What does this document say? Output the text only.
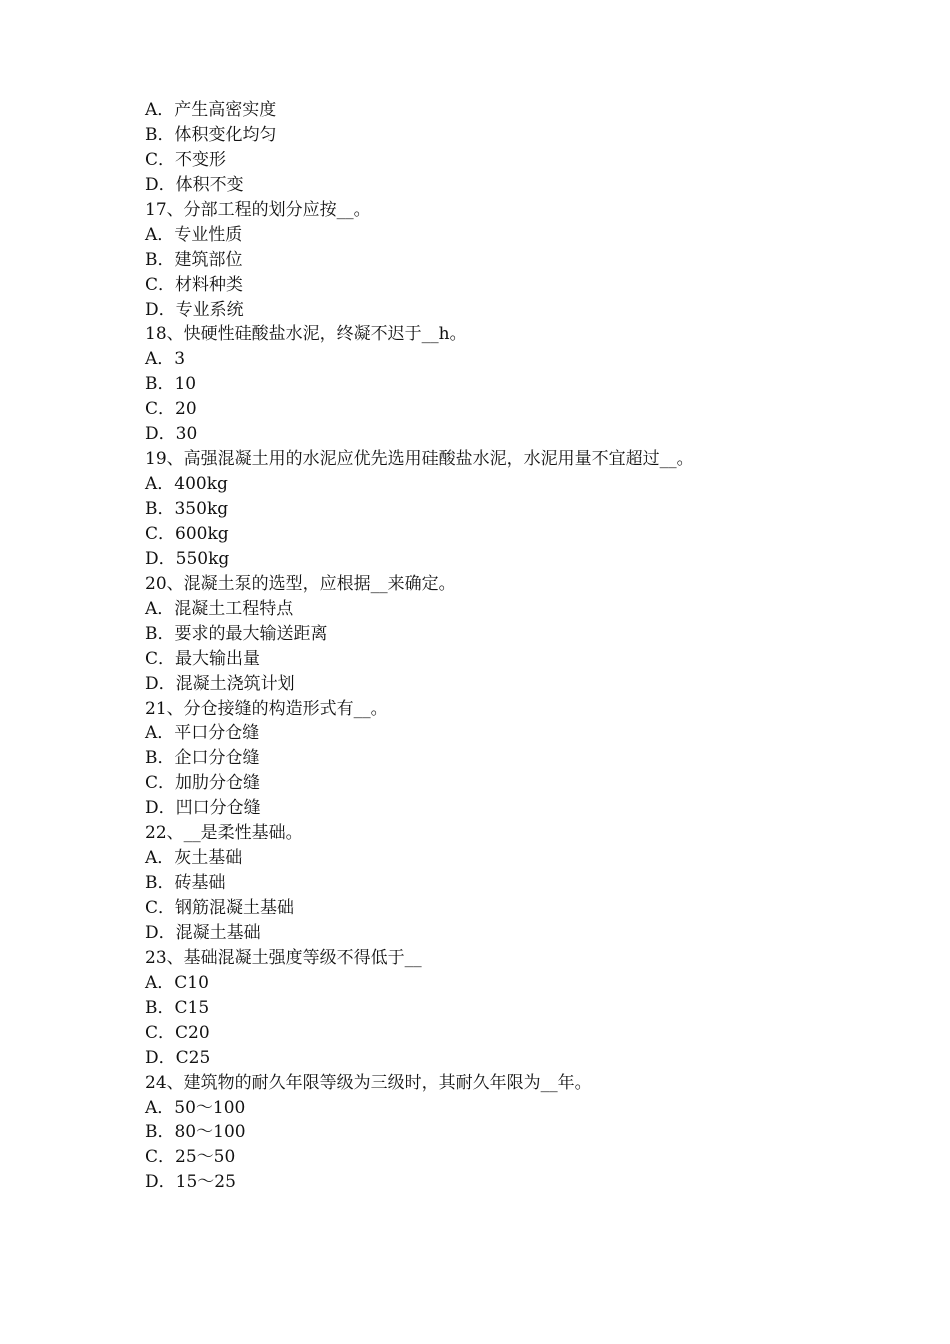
A．产生高密实度
B．体积变化均匀
C．不变形
D．体积不变
17、分部工程的划分应按__。
A．专业性质
B．建筑部位
C．材料种类
D．专业系统
18、快硬性硅酸盐水泥，终凝不迟于__h。
A．3
B．10
C．20
D．30
19、高强混凝土用的水泥应优先选用硅酸盐水泥，水泥用量不宜超过__。
A．400kg
B．350kg
C．600kg
D．550kg
20、混凝土泵的选型，应根据__来确定。
A．混凝土工程特点
B．要求的最大输送距离
C．最大输出量
D．混凝土浇筑计划
21、分仓接缝的构造形式有__。
A．平口分仓缝
B．企口分仓缝
C．加肋分仓缝
D．凹口分仓缝
22、__是柔性基础。
A．灰土基础
B．砖基础
C．钢筋混凝土基础
D．混凝土基础
23、基础混凝土强度等级不得低于__
A．C10
B．C15
C．C20
D．C25
24、建筑物的耐久年限等级为三级时，其耐久年限为__年。
A．50～100
B．80～100
C．25～50
D．15～25
